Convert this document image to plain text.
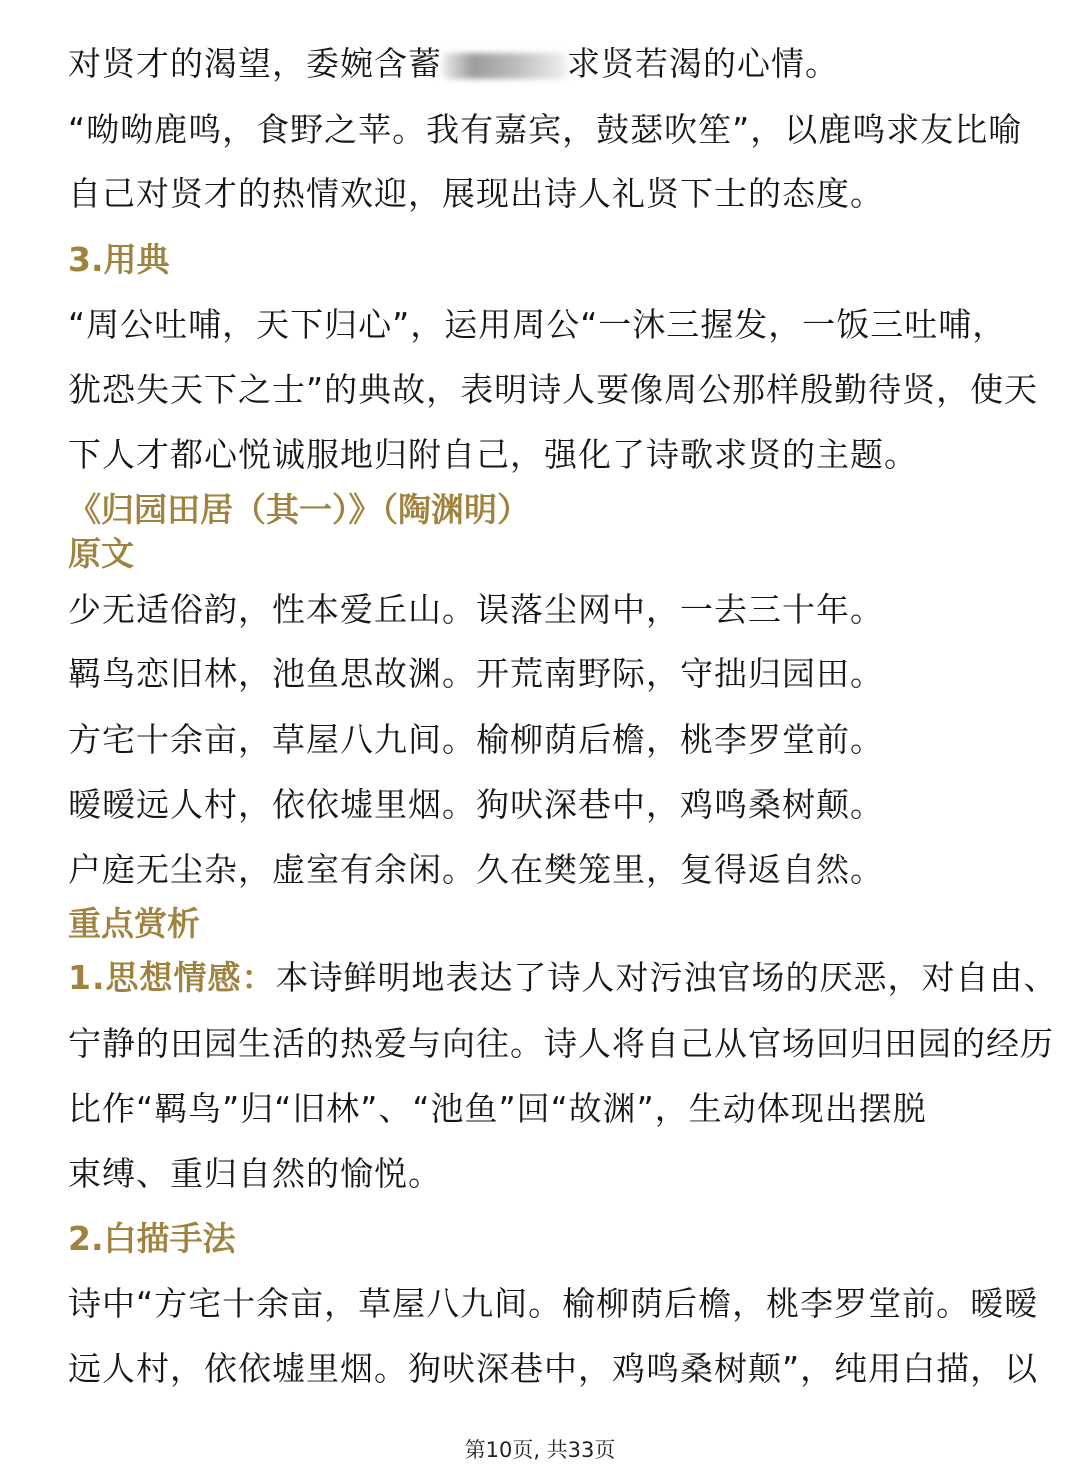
对贤才的渴望，委婉含蓄	求贤若渴的心情。
“呦呦鹿鸣，食野之苹。我有嘉宾，鼓瑟吹笙”，以鹿鸣求友比喻
自己对贤才的热情欢迎，展现出诗人礼贤下士的态度。
3.用典
“周公吐哺，天下归心”，运用周公“一沐三握发，一饭三吐哺，
犹恐失天下之士”的典故，表明诗人要像周公那样殷勤待贤，使天
下人才都心悦诚服地归附自己，强化了诗歌求贤的主题。
《归园田居（其一）》（陶渊明）
原文
少无适俗韵，性本爱丘山。误落尘网中，一去三十年。
羁鸟恋旧林，池鱼思故渊。开荒南野际，守拙归园田。
方宅十余亩，草屋八九间。榆柳荫后檐，桃李罗堂前。
暧暧远人村，依依墟里烟。狗吠深巷中，鸡鸣桑树颠。
户庭无尘杂，虚室有余闲。久在樊笼里，复得返自然。
重点赏析
1.思想情感：本诗鲜明地表达了诗人对污浊官场的厌恶，对自由、
宁静的田园生活的热爱与向往。诗人将自己从官场回归田园的经历
比作“羁鸟”归“旧林”、“池鱼”回“故渊”，生动体现出摆脱
束缚、重归自然的愉悦。
2.白描手法
诗中“方宅十余亩，草屋八九间。榆柳荫后檐，桃李罗堂前。暧暧
远人村，依依墟里烟。狗吠深巷中，鸡鸣桑树颠”，纯用白描，以
第10页, 共33页
